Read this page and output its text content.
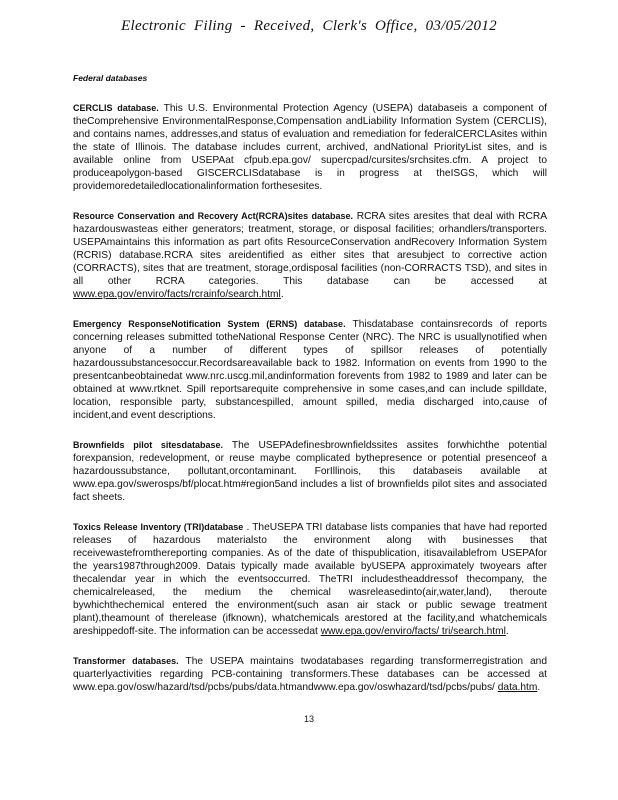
Electronic Filing - Received, Clerk's Office, 03/05/2012
Federal databases

CERCLIS database. This U.S. Environmental Protection Agency (USEPA) databaseis a component of theComprehensive EnvironmentalResponse,Compensation andLiability Information System (CERCLIS), and contains names, addresses,and status of evaluation and remediation for federalCERCLAsites within the state of Illinois. The database includes current, archived, andNational PriorityList sites, and is available online from USEPAat cfpub.epa.gov/ supercpad/cursites/srchsites.cfm. A project to produceapolygon-based GISCERCLISdatabase is in progress at theISGS, which will providemoredetailedlocationalinformation forthesesites.

Resource Conservation and Recovery Act(RCRA)sites database. RCRA sites aresites that deal with RCRA hazardouswasteas either generators; treatment, storage, or disposal facilities; orhandlers/transporters. USEPAmaintains this information as part ofits ResourceConservation andRecovery Information System (RCRIS) database.RCRA sites areidentified as either sites that aresubject to corrective action (CORRACTS), sites that are treatment, storage,ordisposal facilities (non-CORRACTS TSD), and sites in all other RCRA categories. This database can be accessed at www.epa.gov/enviro/facts/rcrainfo/search.html.

Emergency ResponseNotification System (ERNS) database. Thisdatabase containsrecords of reports concerning releases submitted totheNational Response Center (NRC). The NRC is usuallynotified when anyone of a number of different types of spillsor releases of potentially hazardoussubstancesoccur.Recordsareavailable back to 1982. Information on events from 1990 to the presentcanbeobtainedat www.nrc.uscg.mil,andinformation forevents from 1982 to 1989 and later can be obtained at www.rtknet. Spill reportsarequite comprehensive in some cases,and can include spilldate, location, responsible party, substancespilled, amount spilled, media discharged into,cause of incident,and event descriptions.

Brownfields pilot sitesdatabase. The USEPAdefinesbrownfieldssites assites forwhichthe potential forexpansion, redevelopment, or reuse maybe complicated bythepresence or potential presenceof a hazardoussubstance, pollutant,orcontaminant. ForIllinois, this databaseis available at www.epa.gov/swerosps/bf/plocat.htm#region5and includes a list of brownfields pilot sites and associated fact sheets.

Toxics Release Inventory (TRI)database . TheUSEPA TRI database lists companies that have had reported releases of hazardous materialsto the environment along with businesses that receivewastefromthereporting companies. As of the date of thispublication, itisavailablefrom USEPAfor the years1987through2009. Datais typically made available byUSEPA approximately twoyears after thecalendar year in which the eventsoccurred. TheTRI includestheaddressof thecompany, the chemicalreleased, the medium the chemical wasreleasedinto(air,water,land), theroute bywhichthechemical entered the environment(such asan air stack or public sewage treatment plant),theamount of therelease (ifknown), whatchemicals arestored at the facility,and whatchemicals areshippedoff-site. The information can be accessedat www.epa.gov/enviro/facts/ tri/search.html.

Transformer databases. The USEPA maintains twodatabases regarding transformerregistration and quarterlyactivities regarding PCB-containing transformers.These databases can be accessed at www.epa.gov/osw/hazard/tsd/pcbs/pubs/data.htmandwww.epa.gov/oswhazard/tsd/pcbs/pubs/ data.htm.

13
